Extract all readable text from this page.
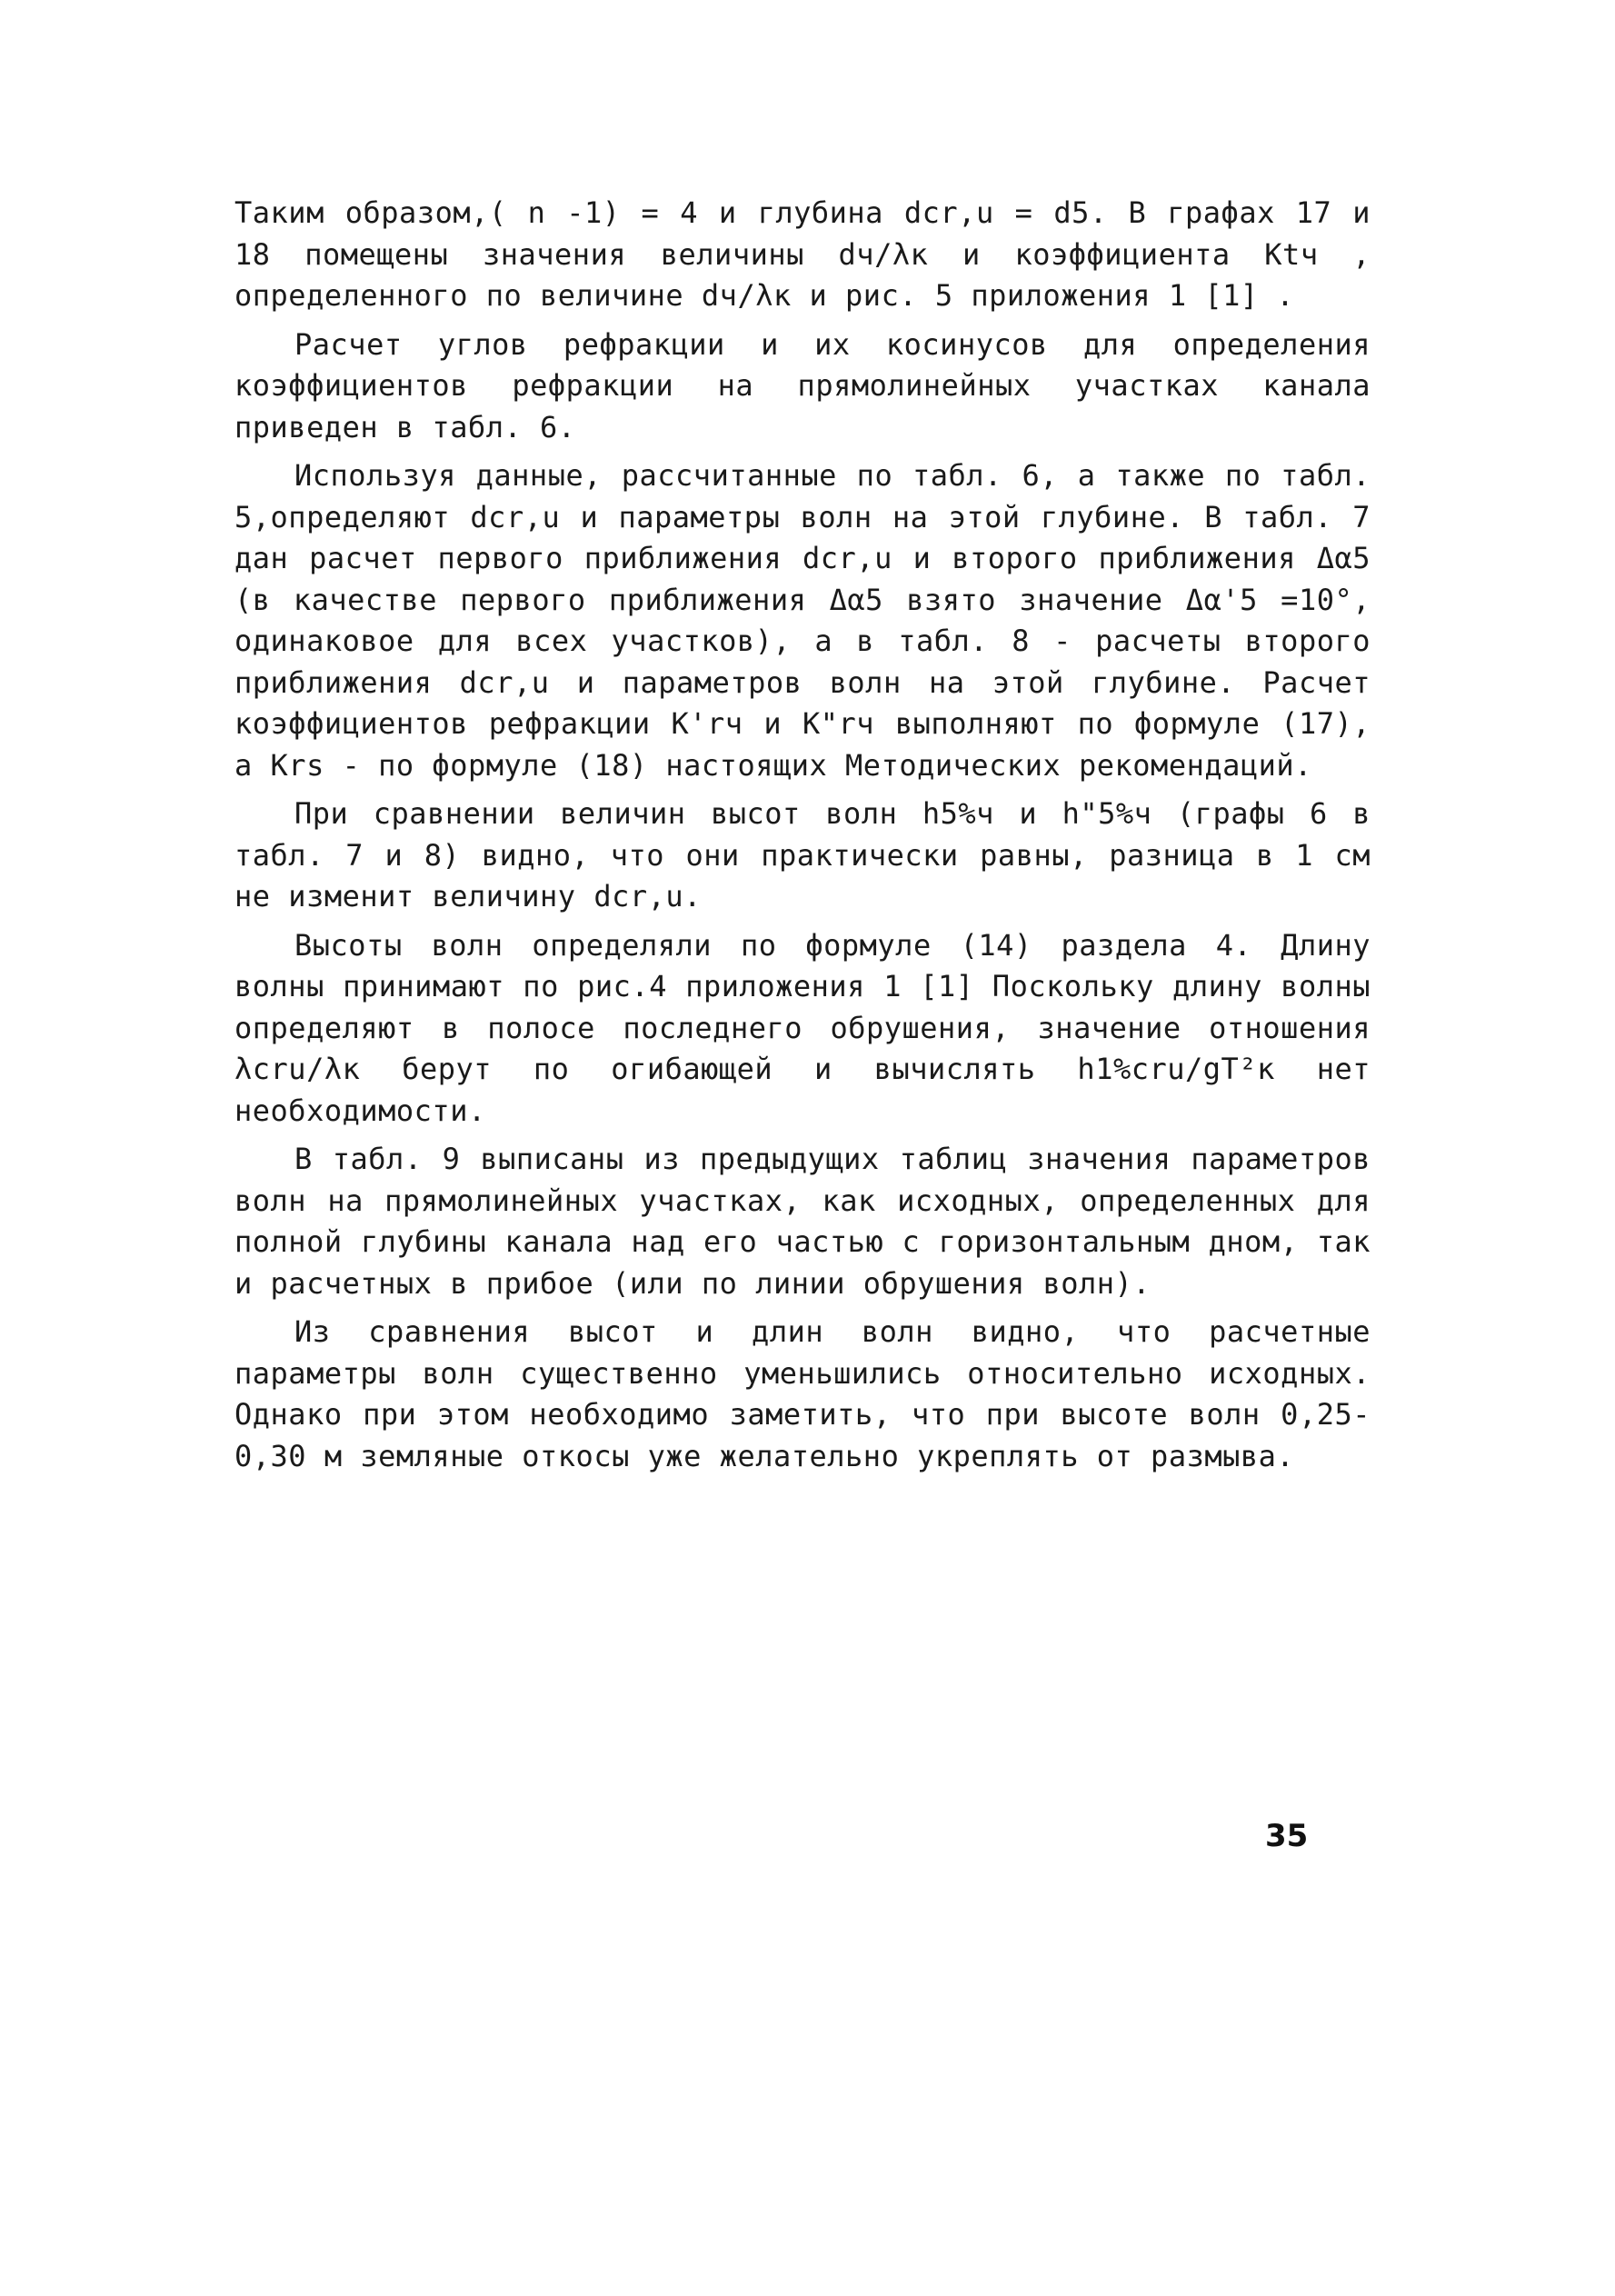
Таким образом,( n -1) = 4 и глубина dcr,u = d5. В графах 17 и 18 помещены значения величины dч/λк и коэффициента Ktч , определенного по величине dч/λк и рис. 5 приложения 1 [1] .

Расчет углов рефракции и их косинусов для определения коэффициентов рефракции на прямолинейных участках канала приведен в табл. 6.

Используя данные, рассчитанные по табл. 6, а также по табл. 5,определяют dcr,u и параметры волн на этой глубине. В табл. 7 дан расчет первого приближения dcr,u и второго приближения Δα5 (в качестве первого приближения Δα5 взято значение Δα'5 =10°, одинаковое для всех участков), а в табл. 8 - расчеты второго приближения dcr,u и параметров волн на этой глубине. Расчет коэффициентов рефракции K'rч и K"rч выполняют по формуле (17), а Krs - по формуле (18) настоящих Методических рекомендаций.

При сравнении величин высот волн h5%ч и h"5%ч (графы 6 в табл. 7 и 8) видно, что они практически равны, разница в 1 см не изменит величину dcr,u.

Высоты волн определяли по формуле (14) раздела 4. Длину волны принимают по рис.4 приложения 1 [1] Поскольку длину волны определяют в полосе последнего обрушения, значение отношения λcru/λк берут по огибающей и вычислять h1%cru/gT²к нет необходимости.

В табл. 9 выписаны из предыдущих таблиц значения параметров волн на прямолинейных участках, как исходных, определенных для полной глубины канала над его частью с горизонтальным дном, так и расчетных в прибое (или по линии обрушения волн).

Из сравнения высот и длин волн видно, что расчетные параметры волн существенно уменьшились относительно исходных. Однако при этом необходимо заметить, что при высоте волн 0,25-0,30 м земляные откосы уже желательно укреплять от размыва.

35
